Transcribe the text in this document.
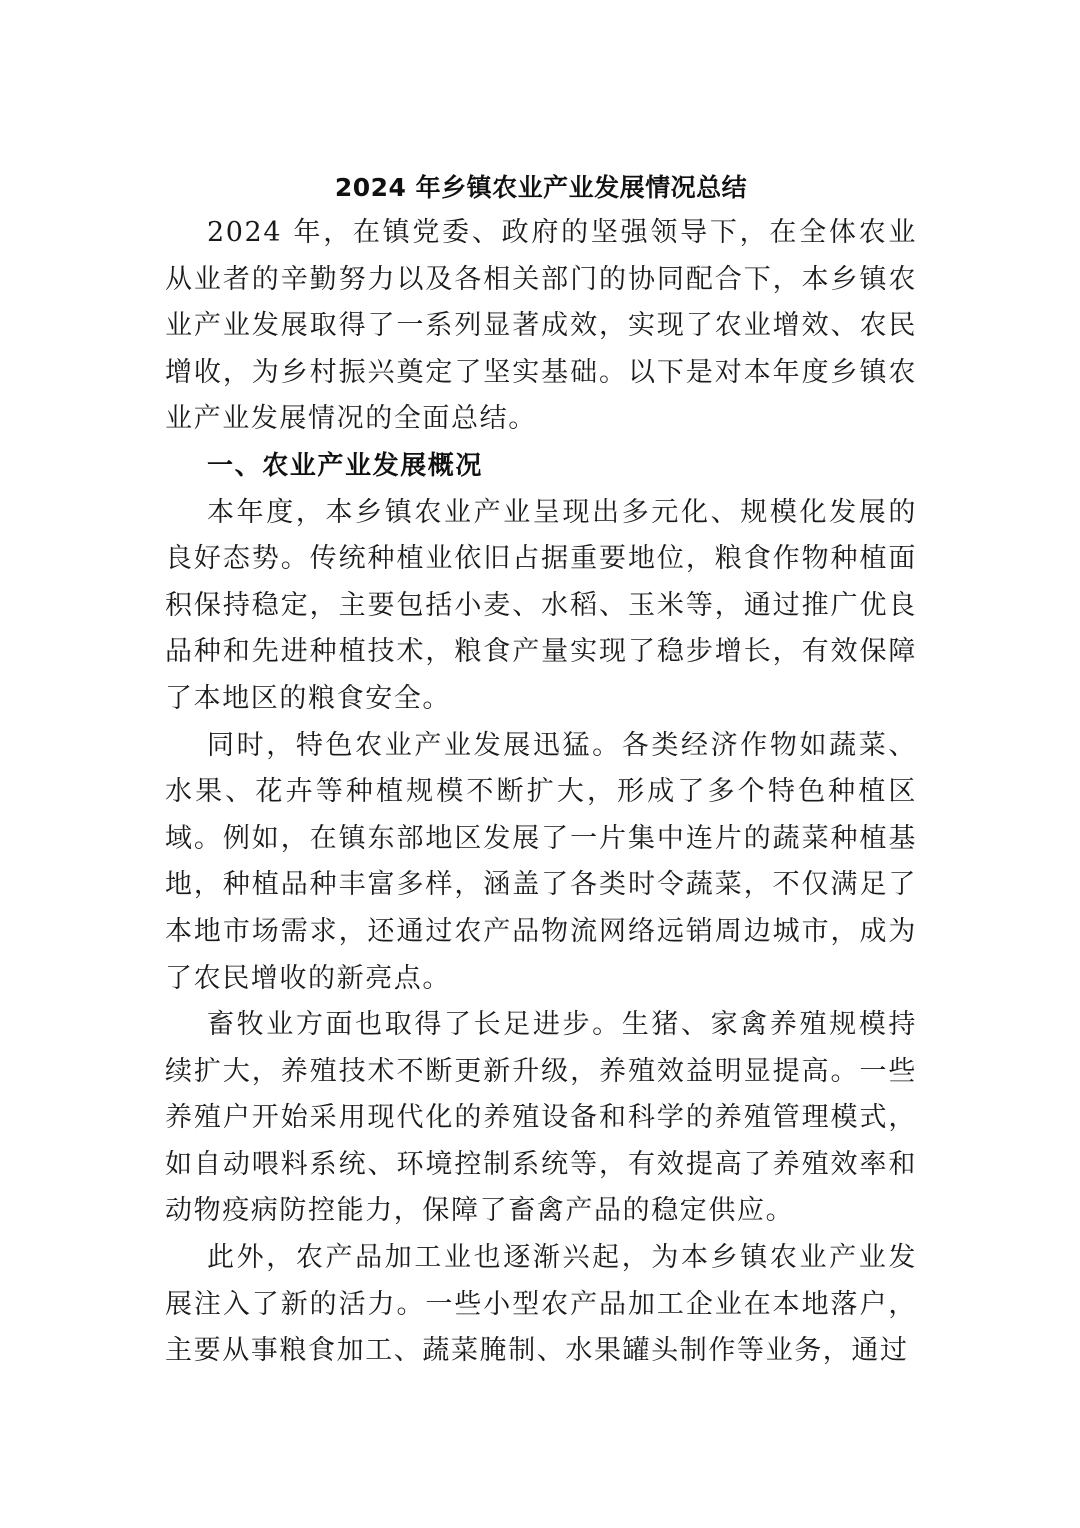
2024 年乡镇农业产业发展情况总结

2024 年，在镇党委、政府的坚强领导下，在全体农业从业者的辛勤努力以及各相关部门的协同配合下，本乡镇农业产业发展取得了一系列显著成效，实现了农业增效、农民增收，为乡村振兴奠定了坚实基础。以下是对本年度乡镇农业产业发展情况的全面总结。

一、农业产业发展概况

本年度，本乡镇农业产业呈现出多元化、规模化发展的良好态势。传统种植业依旧占据重要地位，粮食作物种植面积保持稳定，主要包括小麦、水稻、玉米等，通过推广优良品种和先进种植技术，粮食产量实现了稳步增长，有效保障了本地区的粮食安全。

同时，特色农业产业发展迅猛。各类经济作物如蔬菜、水果、花卉等种植规模不断扩大，形成了多个特色种植区域。例如，在镇东部地区发展了一片集中连片的蔬菜种植基地，种植品种丰富多样，涵盖了各类时令蔬菜，不仅满足了本地市场需求，还通过农产品物流网络远销周边城市，成为了农民增收的新亮点。

畜牧业方面也取得了长足进步。生猪、家禽养殖规模持续扩大，养殖技术不断更新升级，养殖效益明显提高。一些养殖户开始采用现代化的养殖设备和科学的养殖管理模式，如自动喂料系统、环境控制系统等，有效提高了养殖效率和动物疫病防控能力，保障了畜禽产品的稳定供应。

此外，农产品加工业也逐渐兴起，为本乡镇农业产业发展注入了新的活力。一些小型农产品加工企业在本地落户，主要从事粮食加工、蔬菜腌制、水果罐头制作等业务，通过
